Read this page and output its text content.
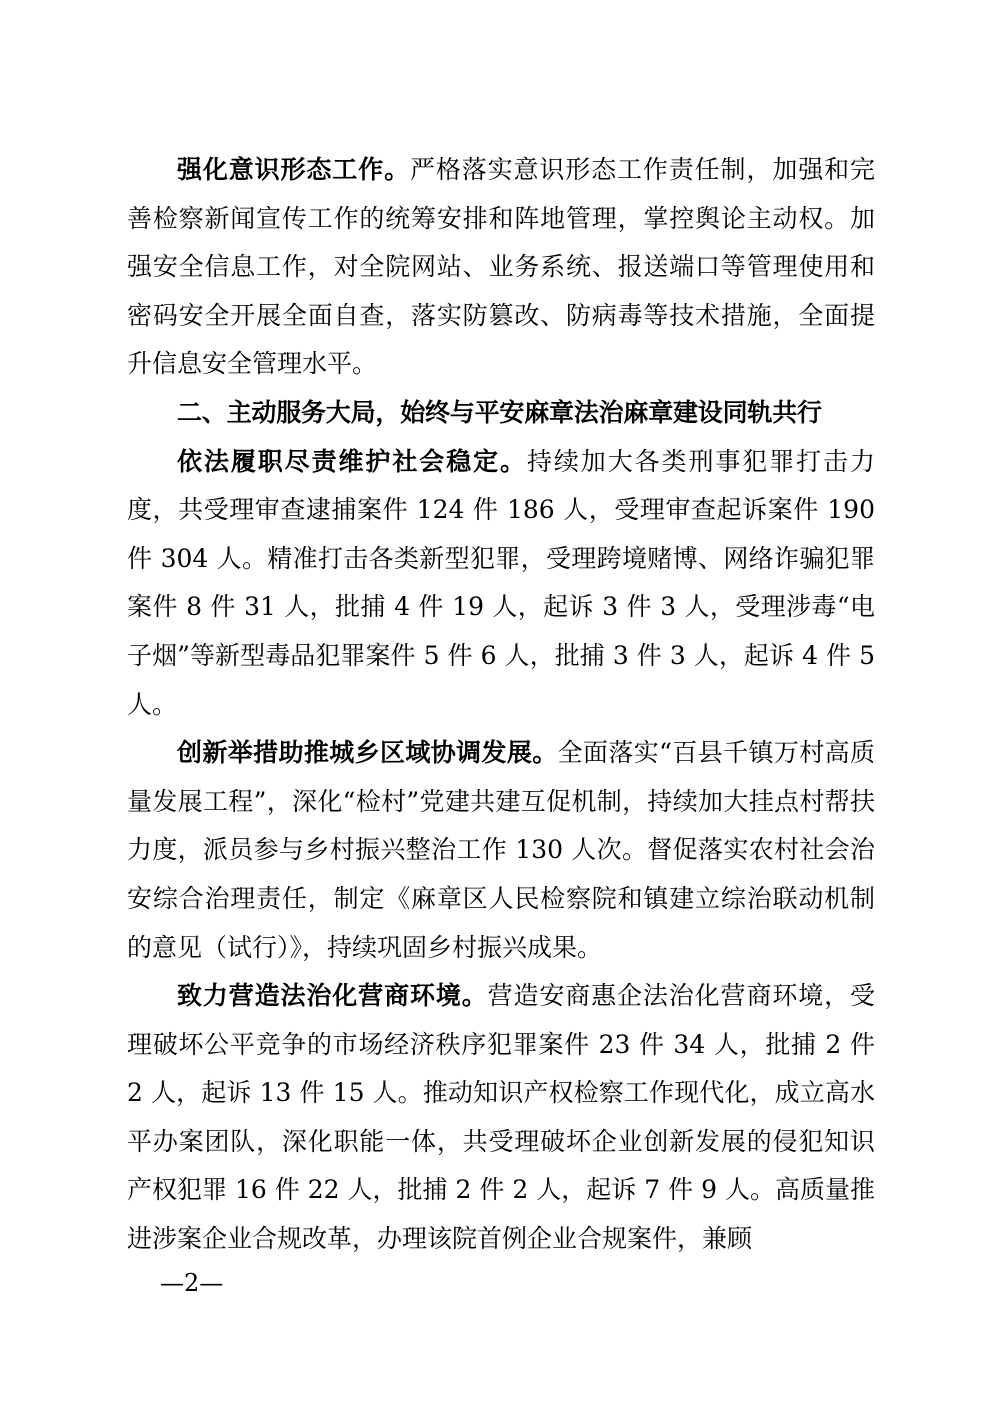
强化意识形态工作。严格落实意识形态工作责任制，加强和完善检察新闻宣传工作的统筹安排和阵地管理，掌控舆论主动权。加强安全信息工作，对全院网站、业务系统、报送端口等管理使用和密码安全开展全面自查，落实防篡改、防病毒等技术措施，全面提升信息安全管理水平。

二、主动服务大局，始终与平安麻章法治麻章建设同轨共行

依法履职尽责维护社会稳定。持续加大各类刑事犯罪打击力度，共受理审查逮捕案件 124 件 186 人，受理审查起诉案件 190 件 304 人。精准打击各类新型犯罪，受理跨境赌博、网络诈骗犯罪案件 8 件 31 人，批捕 4 件 19 人，起诉 3 件 3 人，受理涉毒“电子烟”等新型毒品犯罪案件 5 件 6 人，批捕 3 件 3 人，起诉 4 件 5 人。

创新举措助推城乡区域协调发展。全面落实“百县千镇万村高质量发展工程”，深化“检村”党建共建互促机制，持续加大挂点村帮扶力度，派员参与乡村振兴整治工作 130 人次。督促落实农村社会治安综合治理责任，制定《麻章区人民检察院和镇建立综治联动机制的意见（试行）》，持续巩固乡村振兴成果。

致力营造法治化营商环境。营造安商惠企法治化营商环境，受理破坏公平竞争的市场经济秩序犯罪案件 23 件 34 人，批捕 2 件 2 人，起诉 13 件 15 人。推动知识产权检察工作现代化，成立高水平办案团队，深化职能一体，共受理破坏企业创新发展的侵犯知识产权犯罪 16 件 22 人，批捕 2 件 2 人，起诉 7 件 9 人。高质量推进涉案企业合规改革，办理该院首例企业合规案件，兼顾

—2—
